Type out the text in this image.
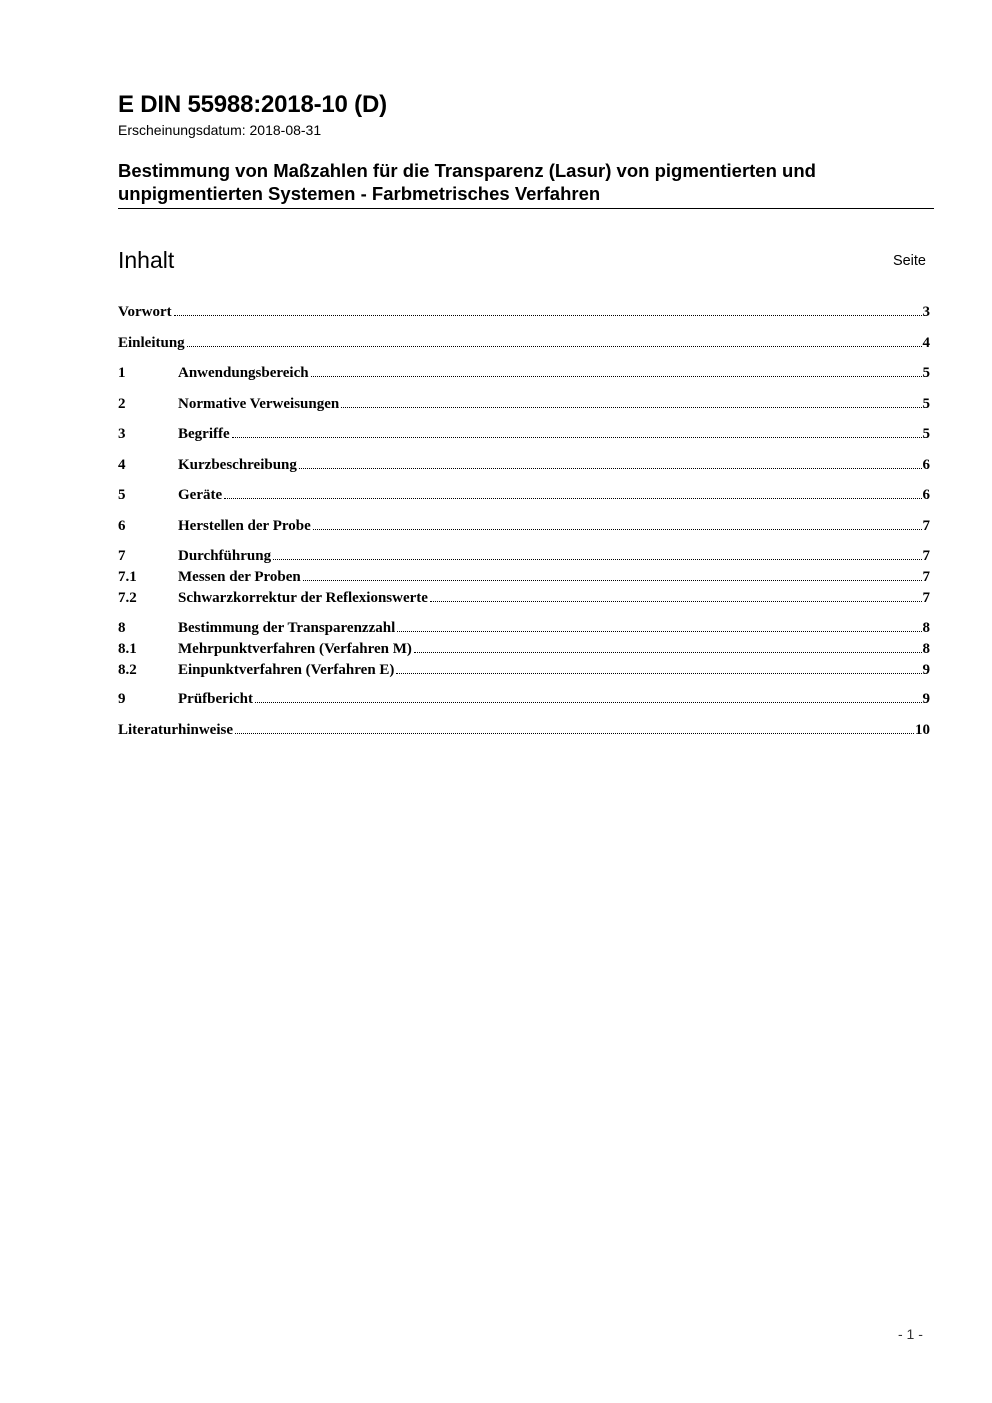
E DIN 55988:2018-10 (D)
Erscheinungsdatum: 2018-08-31
Bestimmung von Maßzahlen für die Transparenz (Lasur) von pigmentierten und
unpigmentierten Systemen - Farbmetrisches Verfahren
Inhalt	Seite
Vorwort	3
Einleitung	4
1	Anwendungsbereich	5
2	Normative Verweisungen	5
3	Begriffe	5
4	Kurzbeschreibung	6
5	Geräte	6
6	Herstellen der Probe	7
7	Durchführung	7
7.1	Messen der Proben	7
7.2	Schwarzkorrektur der Reflexionswerte	7
8	Bestimmung der Transparenzzahl	8
8.1	Mehrpunktverfahren (Verfahren M)	8
8.2	Einpunktverfahren (Verfahren E)	9
9	Prüfbericht	9
Literaturhinweise	10
- 1 -
